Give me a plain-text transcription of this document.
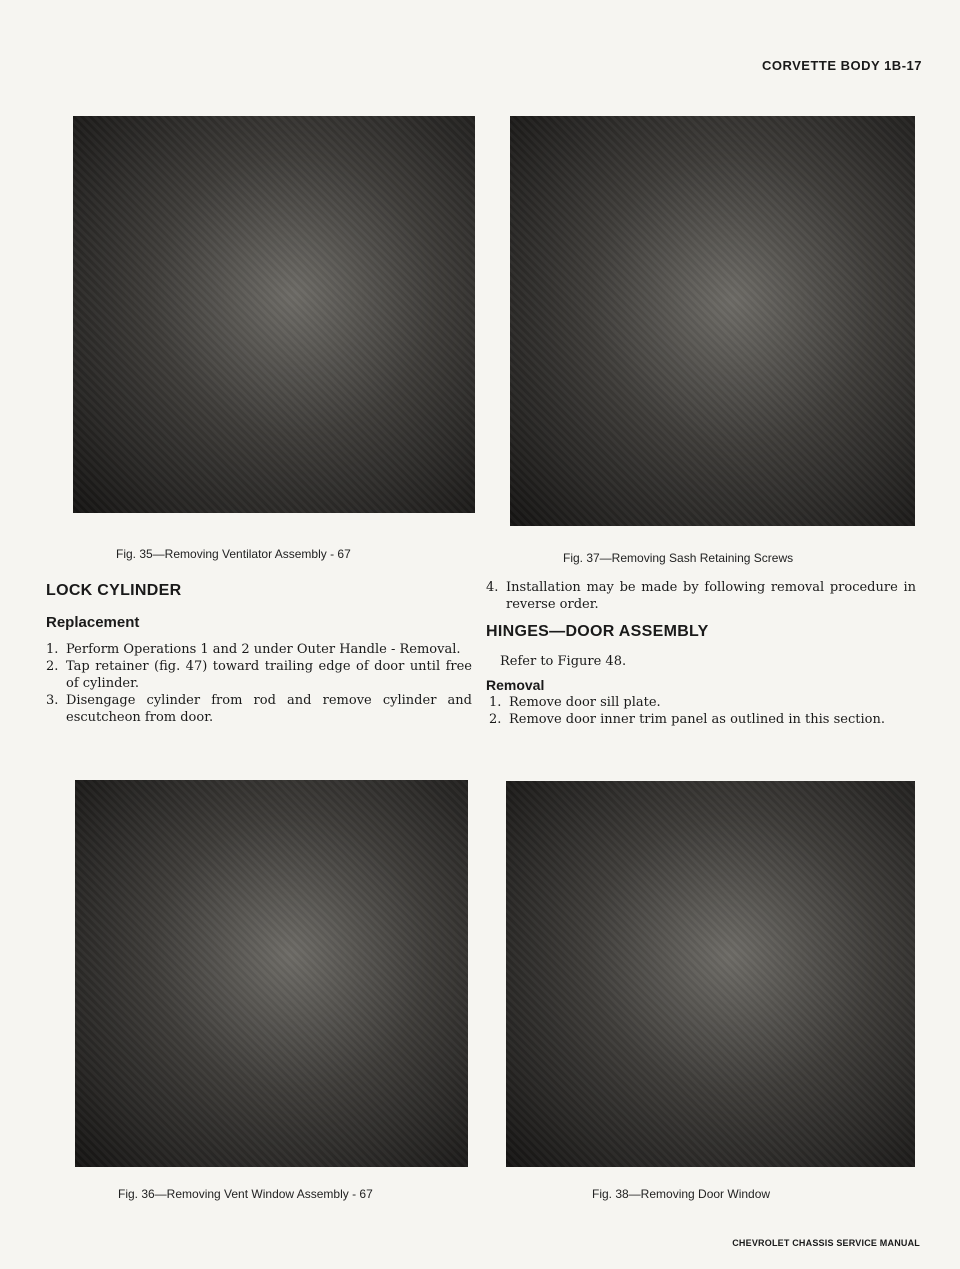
CORVETTE BODY 1B-17
Fig. 35—Removing Ventilator Assembly - 67	Fig. 37—Removing Sash Retaining Screws
Fig. 36—Removing Vent Window Assembly - 67	Fig. 38—Removing Door Window
LOCK CYLINDER
Replacement
1. Perform Operations 1 and 2 under Outer Handle - Removal.
2. Tap retainer (fig. 47) toward trailing edge of door until free of cylinder.
3. Disengage cylinder from rod and remove cylinder and escutcheon from door.
4. Installation may be made by following removal procedure in reverse order.
HINGES—DOOR ASSEMBLY
Refer to Figure 48.
Removal
1. Remove door sill plate.
2. Remove door inner trim panel as outlined in this section.
CHEVROLET CHASSIS SERVICE MANUAL
